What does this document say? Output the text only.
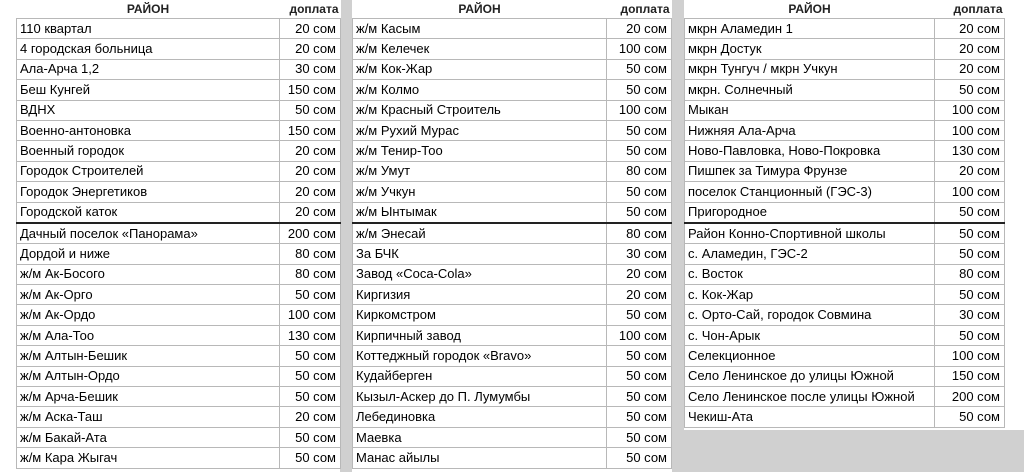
РАЙОН	доплата
110 квартал	20 сом
4 городская больница	20 сом
Ала-Арча 1,2	30 сом
Беш Кунгей	150 сом
ВДНХ	50 сом
Военно-антоновка	150 сом
Военный городок	20 сом
Городок Строителей	20 сом
Городок Энергетиков	20 сом
Городской каток	20 сом
Дачный поселок «Панорама»	200 сом
Дордой и ниже	80 сом
ж/м Ак-Босого	80 сом
ж/м Ак-Орго	50 сом
ж/м Ак-Ордо	100 сом
ж/м Ала-Тоо	130 сом
ж/м Алтын-Бешик	50 сом
ж/м Алтын-Ордо	50 сом
ж/м Арча-Бешик	50 сом
ж/м Аска-Таш	20 сом
ж/м Бакай-Ата	50 сом
ж/м Кара Жыгач	50 сом
РАЙОН	доплата
ж/м Касым	20 сом
ж/м Келечек	100 сом
ж/м Кок-Жар	50 сом
ж/м Колмо	50 сом
ж/м Красный Строитель	100 сом
ж/м Рухий Мурас	50 сом
ж/м Тенир-Тоо	50 сом
ж/м Умут	80 сом
ж/м Учкун	50 сом
ж/м Ынтымак	50 сом
ж/м Энесай	80 сом
За БЧК	30 сом
Завод «Coca-Cola»	20 сом
Киргизия	20 сом
Киркомстром	50 сом
Кирпичный завод	100 сом
Коттеджный городок «Bravo»	50 сом
Кудайберген	50 сом
Кызыл-Аскер до П. Лумумбы	50 сом
Лебединовка	50 сом
Маевка	50 сом
Манас айылы	50 сом
РАЙОН	доплата
мкрн Аламедин 1	20 сом
мкрн Достук	20 сом
мкрн Тунгуч / мкрн Учкун	20 сом
мкрн. Солнечный	50 сом
Мыкан	100 сом
Нижняя Ала-Арча	100 сом
Ново-Павловка, Ново-Покровка	130 сом
Пишпек за Тимура Фрунзе	20 сом
поселок Станционный (ГЭС-3)	100 сом
Пригородное	50 сом
Район Конно-Спортивной школы	50 сом
с. Аламедин, ГЭС-2	50 сом
с. Восток	80 сом
с. Кок-Жар	50 сом
с. Орто-Сай, городок Совмина	30 сом
с. Чон-Арык	50 сом
Селекционное	100 сом
Село Ленинское до улицы Южной	150 сом
Село Ленинское после улицы Южной	200 сом
Чекиш-Ата	50 сом
